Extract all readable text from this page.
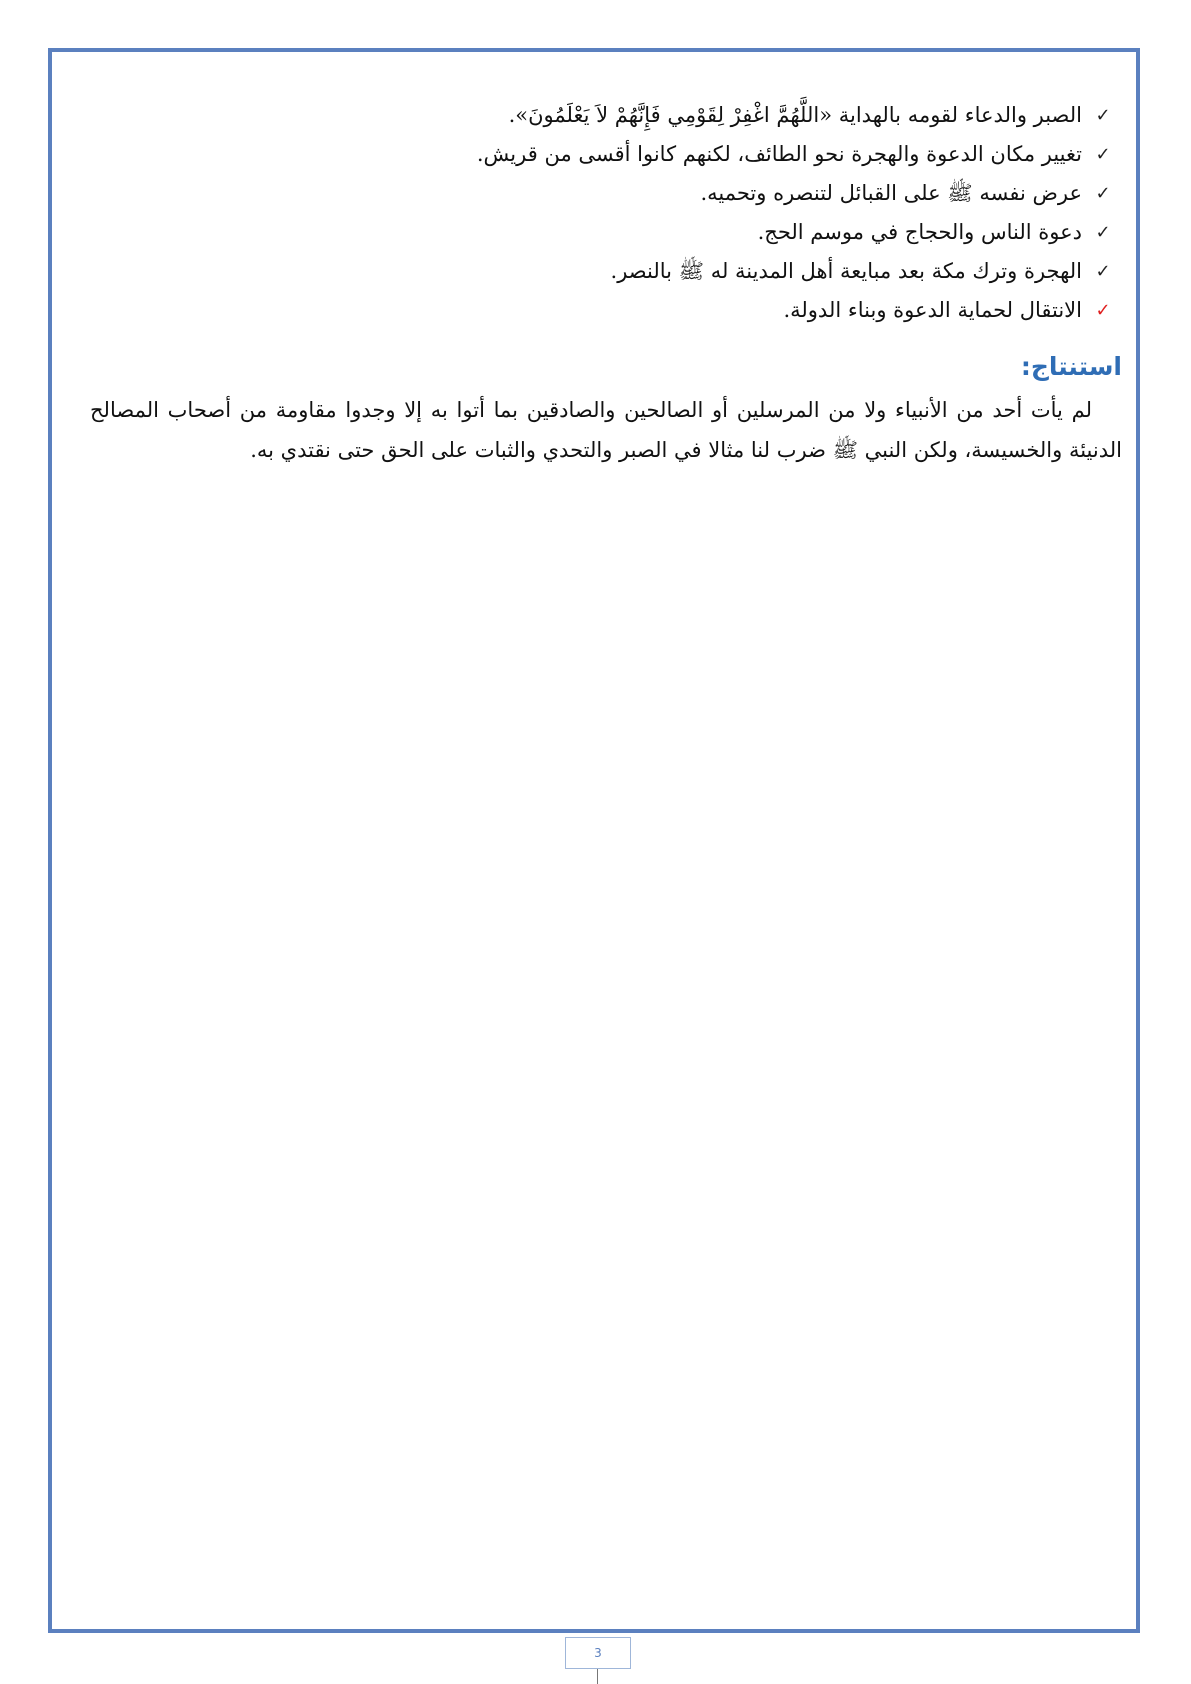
✓
الصبر والدعاء لقومه بالهداية «اللَّهُمَّ اغْفِرْ لِقَوْمِي فَإِنَّهُمْ لاَ يَعْلَمُونَ».
✓
تغيير مكان الدعوة والهجرة نحو الطائف، لكنهم كانوا أقسى من قريش.
✓
عرض نفسه ﷺ على القبائل لتنصره وتحميه.
✓
دعوة الناس والحجاج في موسم الحج.
✓
الهجرة وترك مكة بعد مبايعة أهل المدينة له ﷺ بالنصر.
✓
الانتقال لحماية الدعوة وبناء الدولة.
استنتاج:

لم يأت أحد من الأنبياء ولا من المرسلين أو الصالحين والصادقين بما أتوا به إلا وجدوا مقاومة من أصحاب المصالح الدنيئة والخسيسة، ولكن النبي ﷺ ضرب لنا مثالا في الصبر والتحدي والثبات على الحق حتى نقتدي به.

3
